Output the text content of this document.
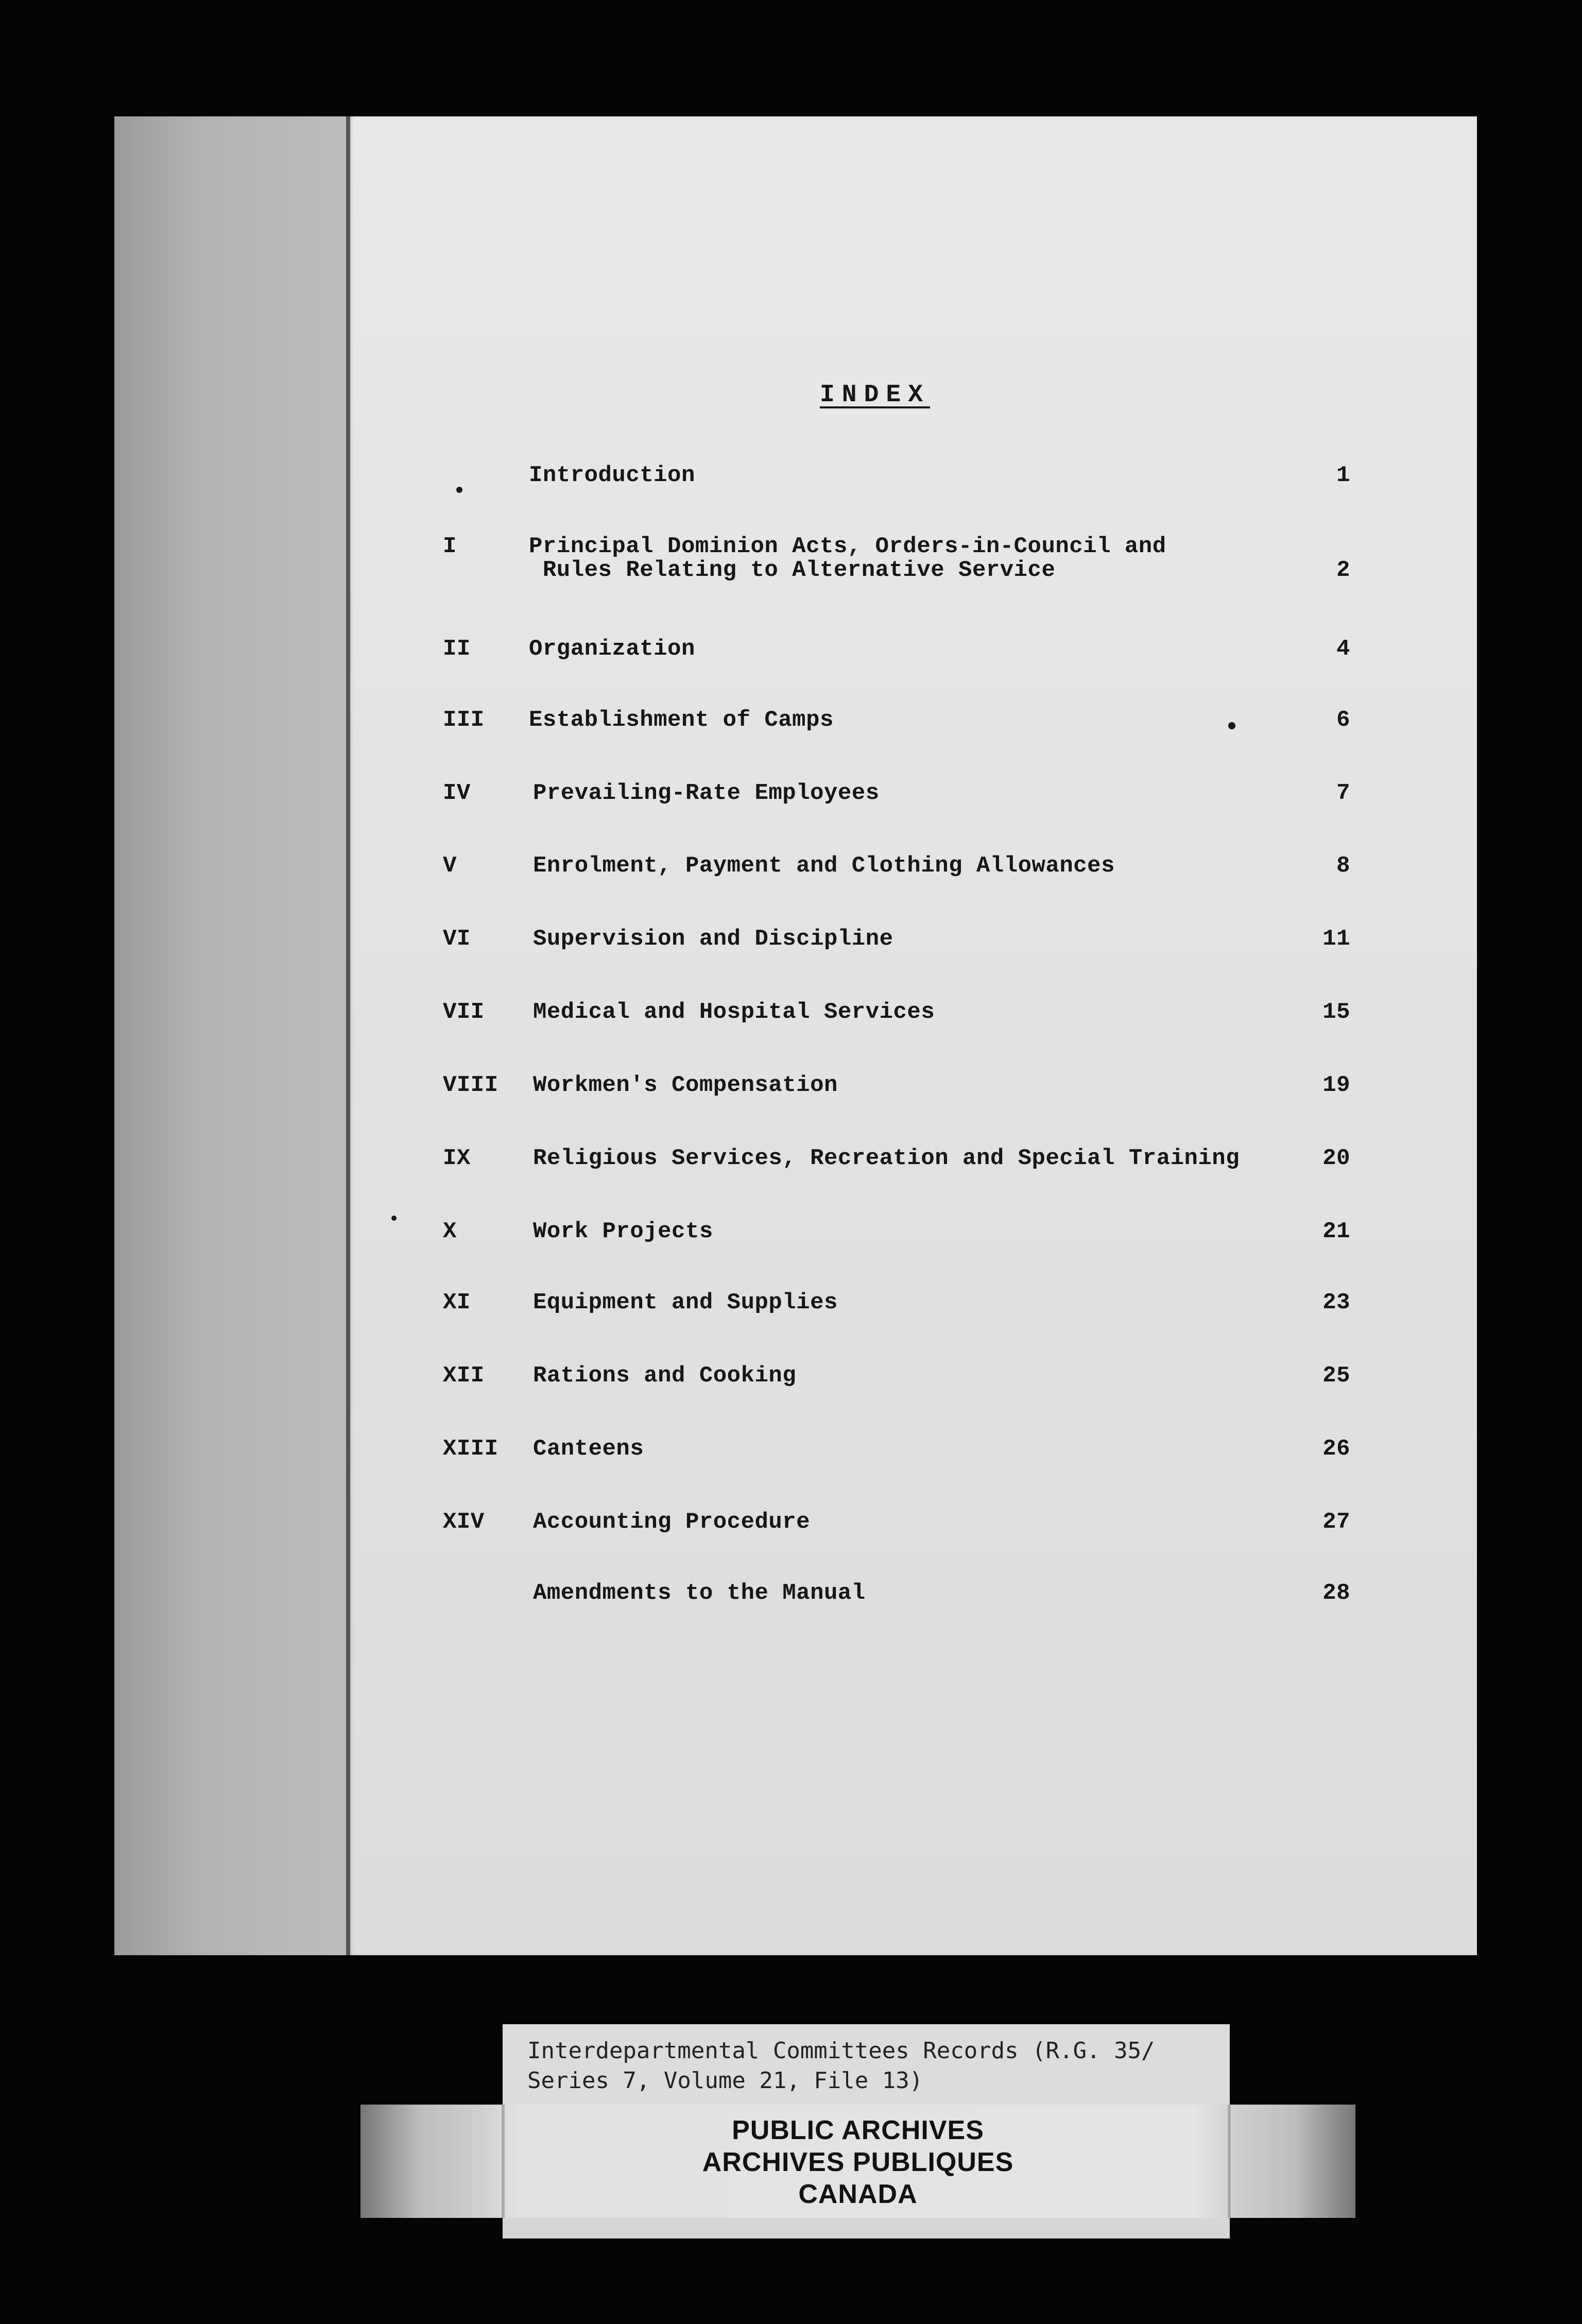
INDEX
Introduction	1
I	Principal Dominion Acts, Orders-in-Council and
Rules Relating to Alternative Service	2
II	Organization	4
III Establishment of Camps	6
IV	Prevailing-Rate Employees	7
V	Enrolment, Payment and Clothing Allowances	8
VI	Supervision and Discipline	11
VII Medical and Hospital Services	15
VIII Workmen's Compensation	19
IX	Religious Services, Recreation and Special Training	20
X	Work Projects	21
XI	Equipment and Supplies	23
XII Rations and Cooking	25
XIII Canteens	26
XIV Accounting Procedure	27
Amendments to the Manual	28
Interdepartmental Committees Records (R.G. 35/
Series 7, Volume 21, File 13)
PUBLIC ARCHIVES
ARCHIVES PUBLIQUES
CANADA
